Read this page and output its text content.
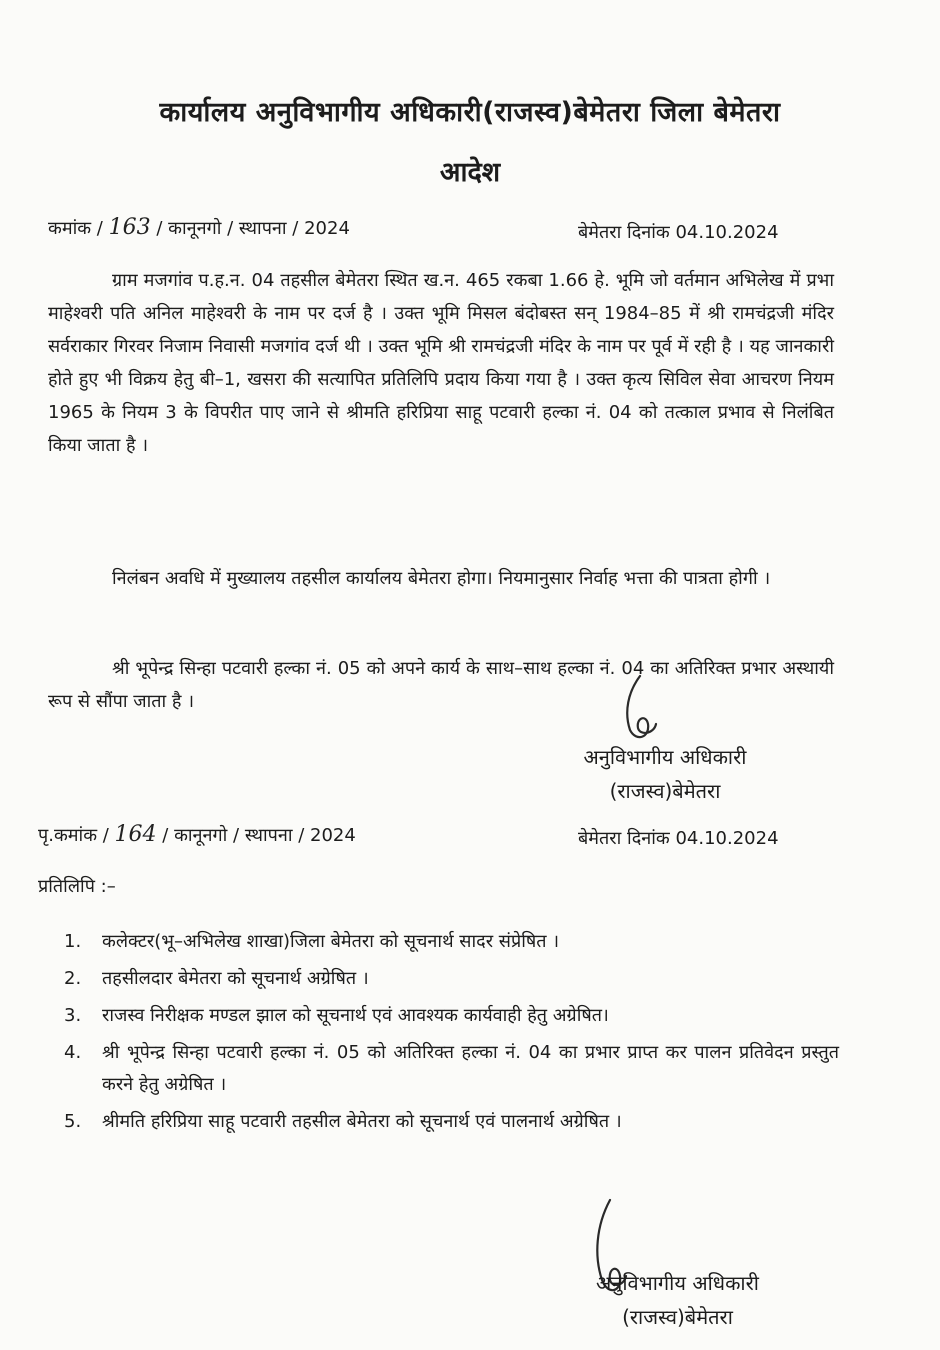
कार्यालय अनुविभागीय अधिकारी(राजस्व)बेमेतरा जिला बेमेतरा
आदेश
कमांक / 163 / कानूनगो / स्थापना / 2024	बेमेतरा दिनांक 04.10.2024
ग्राम मजगांव प.ह.न. 04 तहसील बेमेतरा स्थित ख.न. 465 रकबा 1.66 हे. भूमि जो वर्तमान अभिलेख में प्रभा माहेश्वरी पति अनिल माहेश्वरी के नाम पर दर्ज है । उक्त भूमि मिसल बंदोबस्त सन् 1984–85 में श्री रामचंद्रजी मंदिर सर्वराकार गिरवर निजाम निवासी मजगांव दर्ज थी । उक्त भूमि श्री रामचंद्रजी मंदिर के नाम पर पूर्व में रही है । यह जानकारी होते हुए भी विक्रय हेतु बी–1, खसरा की सत्यापित प्रतिलिपि प्रदाय किया गया है । उक्त कृत्य सिविल सेवा आचरण नियम 1965 के नियम 3 के विपरीत पाए जाने से श्रीमति हरिप्रिया साहू पटवारी हल्का नं. 04 को तत्काल प्रभाव से निलंबित किया जाता है ।
निलंबन अवधि में मुख्यालय तहसील कार्यालय बेमेतरा होगा। नियमानुसार निर्वाह भत्ता की पात्रता होगी ।
श्री भूपेन्द्र सिन्हा पटवारी हल्का नं. 05 को अपने कार्य के साथ–साथ हल्का नं. 04 का अतिरिक्त प्रभार अस्थायी रूप से सौंपा जाता है ।
अनुविभागीय अधिकारी
(राजस्व)बेमेतरा
पृ.कमांक / 164 / कानूनगो / स्थापना / 2024	बेमेतरा दिनांक 04.10.2024
प्रतिलिपि :–
1.	कलेक्टर(भू–अभिलेख शाखा)जिला बेमेतरा को सूचनार्थ सादर संप्रेषित ।
2.	तहसीलदार बेमेतरा को सूचनार्थ अग्रेषित ।
3.	राजस्व निरीक्षक मण्डल झाल को सूचनार्थ एवं आवश्यक कार्यवाही हेतु अग्रेषित।
4.	श्री भूपेन्द्र सिन्हा पटवारी हल्का नं. 05 को अतिरिक्त हल्का नं. 04 का प्रभार प्राप्त कर पालन प्रतिवेदन प्रस्तुत करने हेतु अग्रेषित ।
5.	श्रीमति हरिप्रिया साहू पटवारी तहसील बेमेतरा को सूचनार्थ एवं पालनार्थ अग्रेषित ।
अनुविभागीय अधिकारी
(राजस्व)बेमेतरा
